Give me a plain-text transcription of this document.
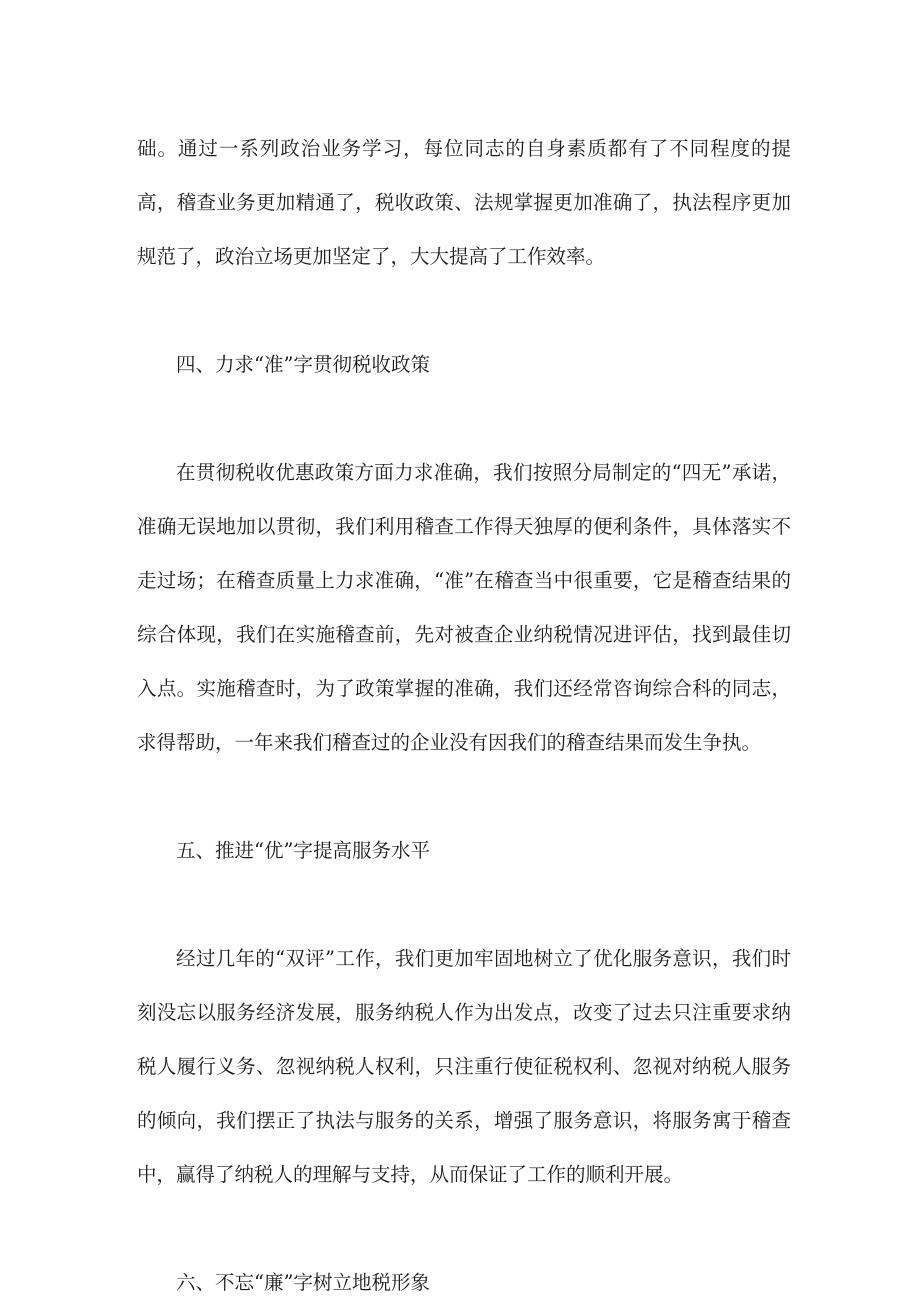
础。通过一系列政治业务学习，每位同志的自身素质都有了不同程度的提高，稽查业务更加精通了，税收政策、法规掌握更加准确了，执法程序更加规范了，政治立场更加坚定了，大大提高了工作效率。

四、力求“准”字贯彻税收政策

在贯彻税收优惠政策方面力求准确，我们按照分局制定的“四无”承诺，准确无误地加以贯彻，我们利用稽查工作得天独厚的便利条件，具体落实不走过场；在稽查质量上力求准确，“准”在稽查当中很重要，它是稽查结果的综合体现，我们在实施稽查前，先对被查企业纳税情况进评估，找到最佳切入点。实施稽查时，为了政策掌握的准确，我们还经常咨询综合科的同志，求得帮助，一年来我们稽查过的企业没有因我们的稽查结果而发生争执。

五、推进“优”字提高服务水平

经过几年的“双评”工作，我们更加牢固地树立了优化服务意识，我们时刻没忘以服务经济发展，服务纳税人作为出发点，改变了过去只注重要求纳税人履行义务、忽视纳税人权利，只注重行使征税权利、忽视对纳税人服务的倾向，我们摆正了执法与服务的关系，增强了服务意识，将服务寓于稽查中，赢得了纳税人的理解与支持，从而保证了工作的顺利开展。

六、不忘“廉”字树立地税形象
